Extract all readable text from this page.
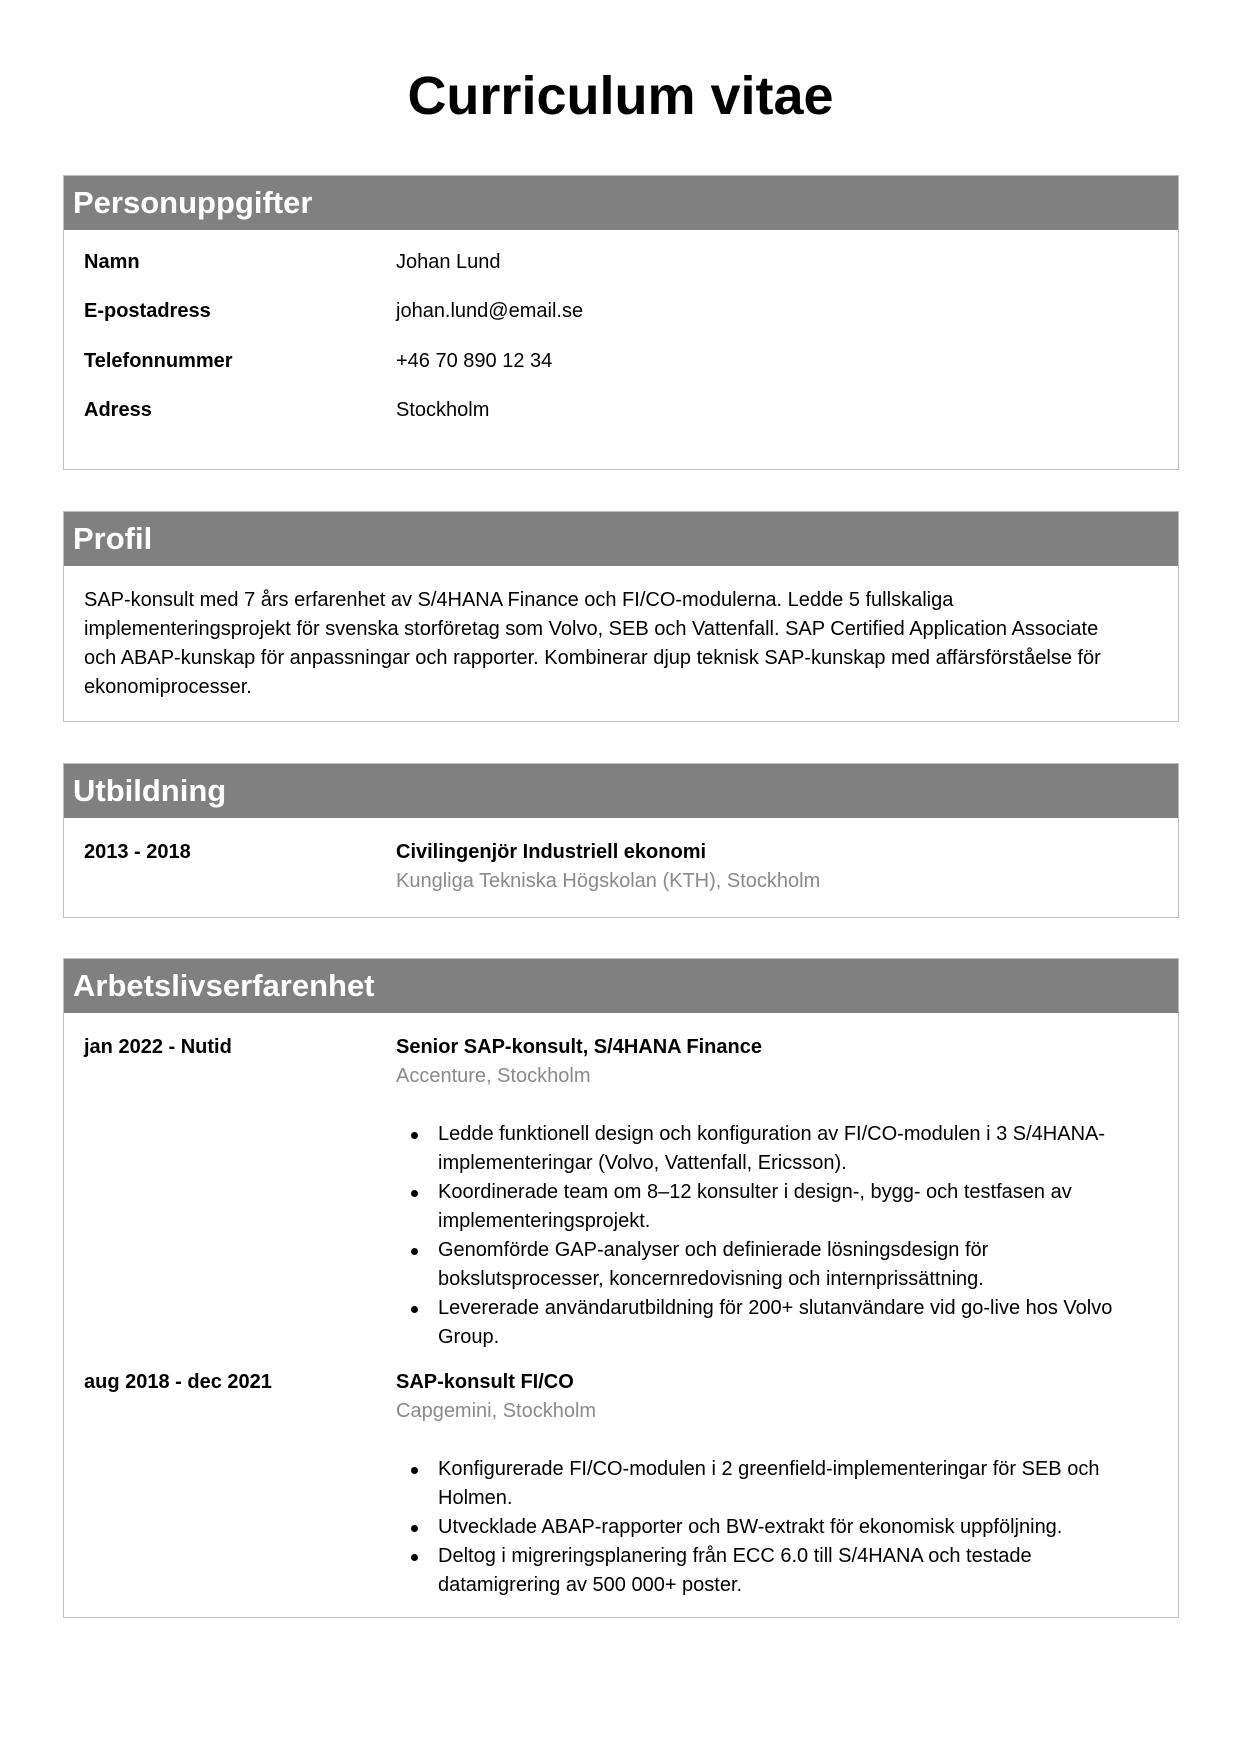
Curriculum vitae
Personuppgifter
Namn	Johan Lund
E-postadress	johan.lund@email.se
Telefonnummer	+46 70 890 12 34
Adress	Stockholm
Profil
SAP-konsult med 7 års erfarenhet av S/4HANA Finance och FI/CO-modulerna. Ledde 5 fullskaliga
implementeringsprojekt för svenska storföretag som Volvo, SEB och Vattenfall. SAP Certified Application Associate
och ABAP-kunskap för anpassningar och rapporter. Kombinerar djup teknisk SAP-kunskap med affärsförståelse för
ekonomiprocesser.
Utbildning
2013 - 2018	Civilingenjör Industriell ekonomi
Kungliga Tekniska Högskolan (KTH), Stockholm
Arbetslivserfarenhet
jan 2022 - Nutid	Senior SAP-konsult, S/4HANA Finance
Accenture, Stockholm
Ledde funktionell design och konfiguration av FI/CO-modulen i 3 S/4HANA-
implementeringar (Volvo, Vattenfall, Ericsson).
Koordinerade team om 8–12 konsulter i design-, bygg- och testfasen av
implementeringsprojekt.
Genomförde GAP-analyser och definierade lösningsdesign för
bokslutsprocesser, koncernredovisning och internprissättning.
Levererade användarutbildning för 200+ slutanvändare vid go-live hos Volvo
Group.
aug 2018 - dec 2021	SAP-konsult FI/CO
Capgemini, Stockholm
Konfigurerade FI/CO-modulen i 2 greenfield-implementeringar för SEB och
Holmen.
Utvecklade ABAP-rapporter och BW-extrakt för ekonomisk uppföljning.
Deltog i migreringsplanering från ECC 6.0 till S/4HANA och testade
datamigrering av 500 000+ poster.
